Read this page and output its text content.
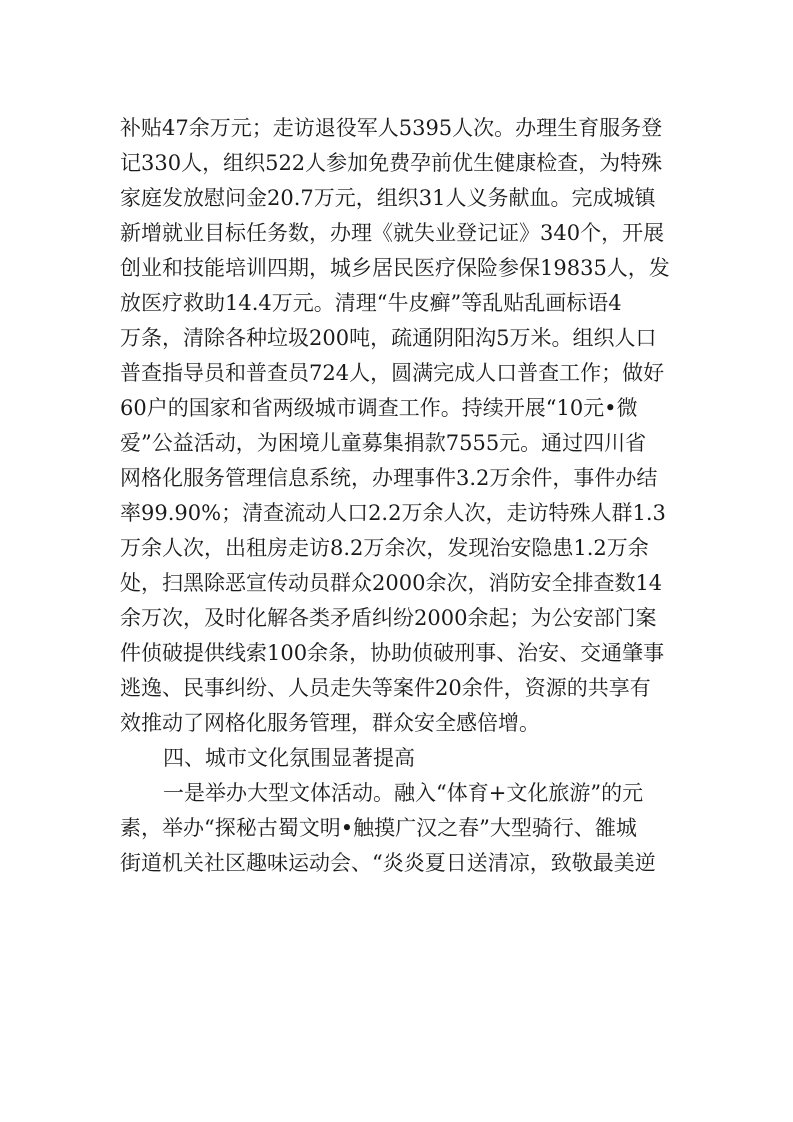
补贴47余万元；走访退役军人5395人次。办理生育服务登
记330人，组织522人参加免费孕前优生健康检查，为特殊
家庭发放慰问金20.7万元，组织31人义务献血。完成城镇
新增就业目标任务数，办理《就失业登记证》340个，开展
创业和技能培训四期，城乡居民医疗保险参保19835人，发
放医疗救助14.4万元。清理“牛皮癣”等乱贴乱画标语4
万条，清除各种垃圾200吨，疏通阴阳沟5万米。组织人口
普查指导员和普查员724人，圆满完成人口普查工作；做好
60户的国家和省两级城市调查工作。持续开展“10元•微
爱”公益活动，为困境儿童募集捐款7555元。通过四川省
网格化服务管理信息系统，办理事件3.2万余件，事件办结
率99.90%；清查流动人口2.2万余人次，走访特殊人群1.3
万余人次，出租房走访8.2万余次，发现治安隐患1.2万余
处，扫黑除恶宣传动员群众2000余次，消防安全排查数14
余万次，及时化解各类矛盾纠纷2000余起；为公安部门案
件侦破提供线索100余条，协助侦破刑事、治安、交通肇事
逃逸、民事纠纷、人员走失等案件20余件，资源的共享有
效推动了网格化服务管理，群众安全感倍增。
四、城市文化氛围显著提高
一是举办大型文体活动。融入“体育+文化旅游”的元
素，举办“探秘古蜀文明•触摸广汉之春”大型骑行、雒城
街道机关社区趣味运动会、“炎炎夏日送清凉，致敬最美逆
